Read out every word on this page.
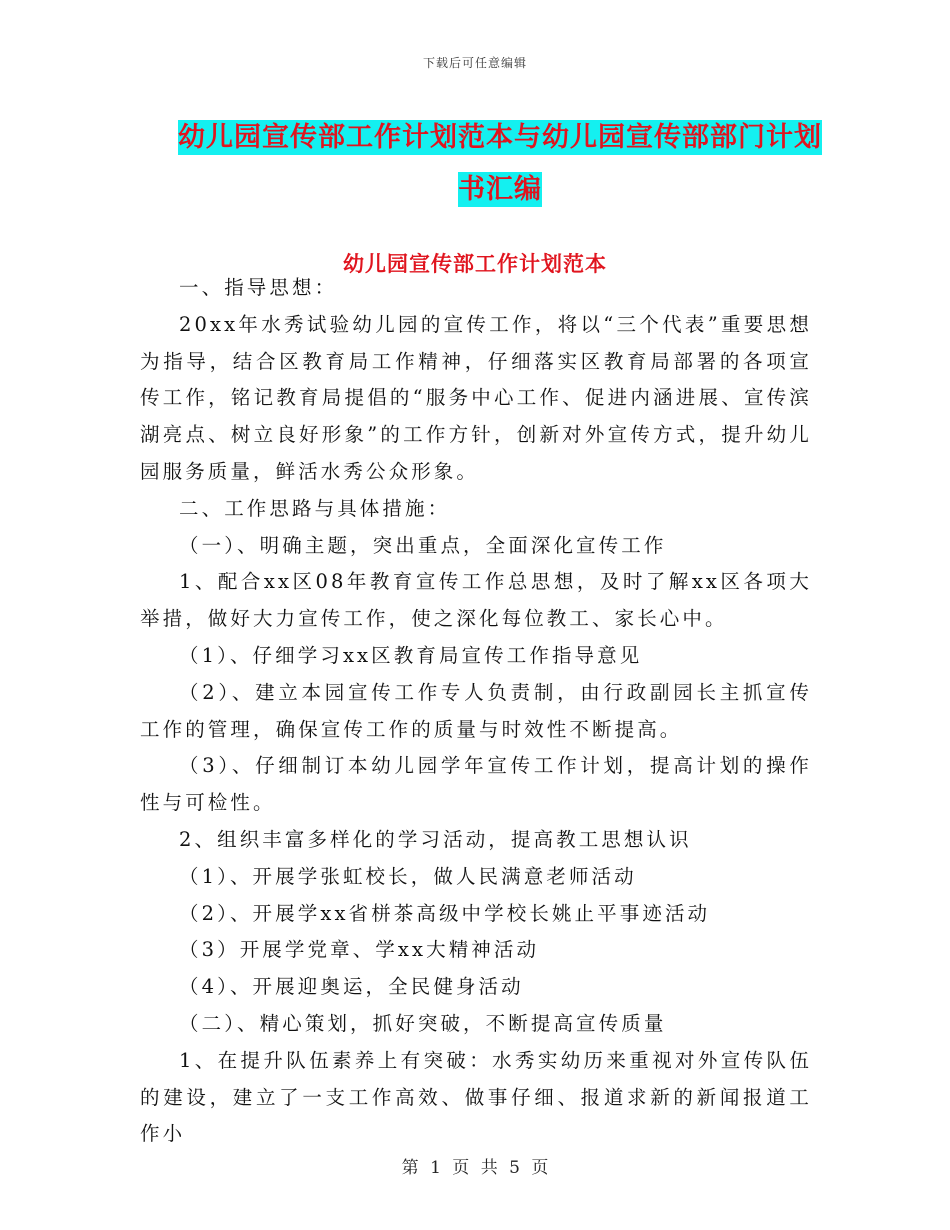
下载后可任意编辑
幼儿园宣传部工作计划范本与幼儿园宣传部部门计划
书汇编
幼儿园宣传部工作计划范本

一、指导思想：

20xx年水秀试验幼儿园的宣传工作，将以“三个代表”重要思想为指导，结合区教育局工作精神，仔细落实区教育局部署的各项宣传工作，铭记教育局提倡的“服务中心工作、促进内涵进展、宣传滨湖亮点、树立良好形象”的工作方针，创新对外宣传方式，提升幼儿园服务质量，鲜活水秀公众形象。

二、工作思路与具体措施：

（一）、明确主题，突出重点，全面深化宣传工作

1、配合xx区08年教育宣传工作总思想，及时了解xx区各项大举措，做好大力宣传工作，使之深化每位教工、家长心中。

（1）、仔细学习xx区教育局宣传工作指导意见

（2）、建立本园宣传工作专人负责制，由行政副园长主抓宣传工作的管理，确保宣传工作的质量与时效性不断提高。

（3）、仔细制订本幼儿园学年宣传工作计划，提高计划的操作性与可检性。

2、组织丰富多样化的学习活动，提高教工思想认识

（1）、开展学张虹校长，做人民满意老师活动

（2）、开展学xx省栟茶高级中学校长姚止平事迹活动

（3）开展学党章、学xx大精神活动

（4）、开展迎奥运，全民健身活动

（二）、精心策划，抓好突破，不断提高宣传质量

1、在提升队伍素养上有突破：水秀实幼历来重视对外宣传队伍的建设，建立了一支工作高效、做事仔细、报道求新的新闻报道工作小

第 1 页 共 5 页
